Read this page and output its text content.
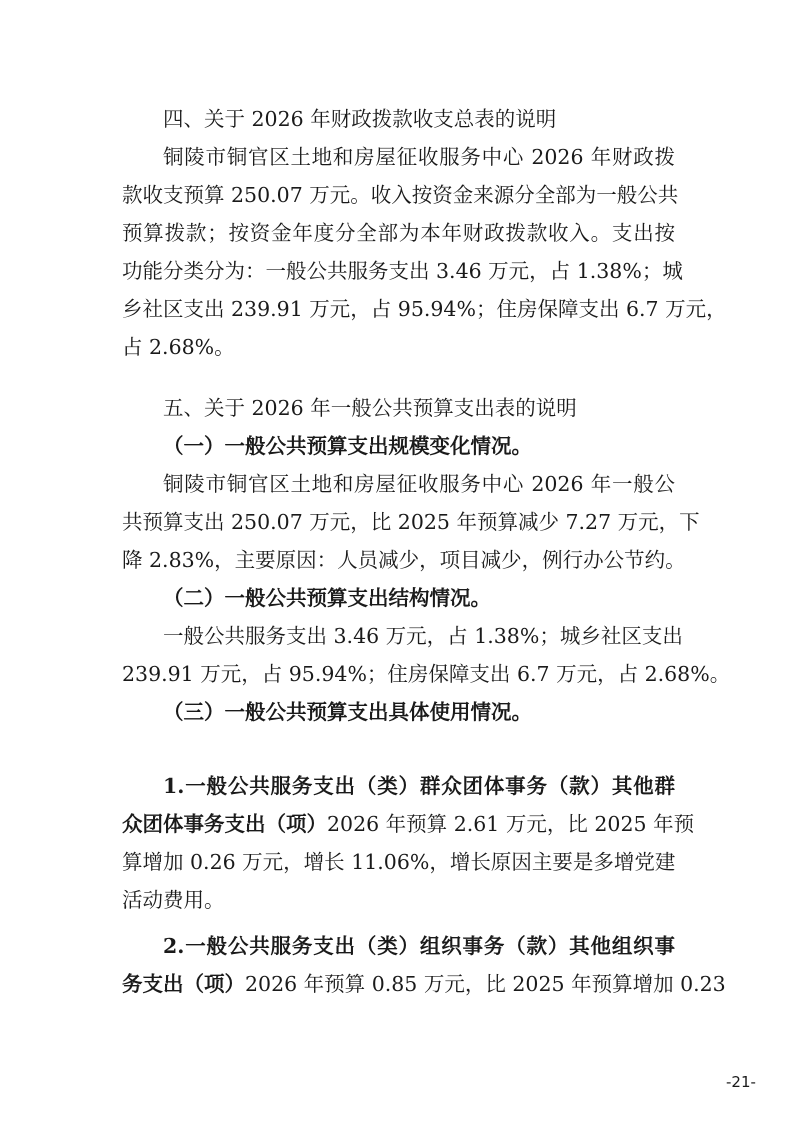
四、关于 2026 年财政拨款收支总表的说明
铜陵市铜官区土地和房屋征收服务中心 2026 年财政拨
款收支预算 250.07 万元。收入按资金来源分全部为一般公共
预算拨款；按资金年度分全部为本年财政拨款收入。支出按
功能分类分为：一般公共服务支出 3.46 万元，占 1.38%；城
乡社区支出 239.91 万元，占 95.94%；住房保障支出 6.7 万元，
占 2.68%。
五、关于 2026 年一般公共预算支出表的说明
（一）一般公共预算支出规模变化情况。
铜陵市铜官区土地和房屋征收服务中心 2026 年一般公
共预算支出 250.07 万元，比 2025 年预算减少 7.27 万元，下
降 2.83%，主要原因：人员减少，项目减少，例行办公节约。
（二）一般公共预算支出结构情况。
一般公共服务支出 3.46 万元，占 1.38%；城乡社区支出
239.91 万元，占 95.94%；住房保障支出 6.7 万元，占 2.68%。
（三）一般公共预算支出具体使用情况。
1.一般公共服务支出（类）群众团体事务（款）其他群
众团体事务支出（项）2026 年预算 2.61 万元，比 2025 年预
算增加 0.26 万元，增长 11.06%，增长原因主要是多增党建
活动费用。
2.一般公共服务支出（类）组织事务（款）其他组织事
务支出（项）2026 年预算 0.85 万元，比 2025 年预算增加 0.23
-21-
